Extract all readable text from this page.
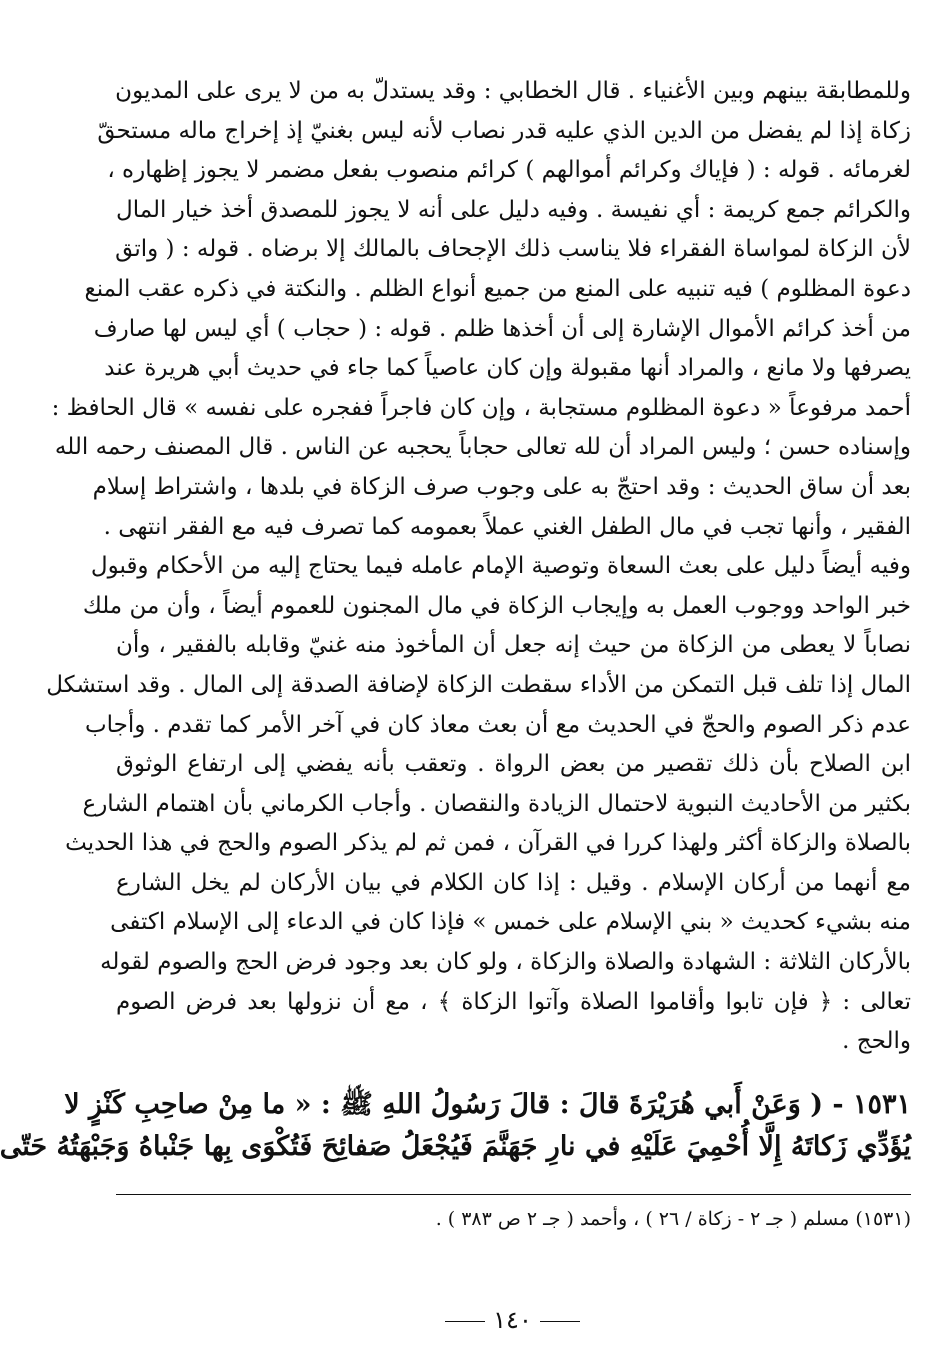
وللمطابقة بينهم وبين الأغنياء . قال الخطابي : وقد يستدلّ به من لا يرى على المديون
زكاة إذا لم يفضل من الدين الذي عليه قدر نصاب لأنه ليس بغنيّ إذ إخراج ماله مستحقّ
لغرمائه . قوله : ( فإياك وكرائم أموالهم ) كرائم منصوب بفعل مضمر لا يجوز إظهاره ،
والكرائم جمع كريمة : أي نفيسة . وفيه دليل على أنه لا يجوز للمصدق أخذ خيار المال
لأن الزكاة لمواساة الفقراء فلا يناسب ذلك الإجحاف بالمالك إلا برضاه . قوله : ( واتق
دعوة المظلوم ) فيه تنبيه على المنع من جميع أنواع الظلم . والنكتة في ذكره عقب المنع
من أخذ كرائم الأموال الإشارة إلى أن أخذها ظلم . قوله : ( حجاب ) أي ليس لها صارف
يصرفها ولا مانع ، والمراد أنها مقبولة وإن كان عاصياً كما جاء في حديث أبي هريرة عند
أحمد مرفوعاً « دعوة المظلوم مستجابة ، وإن كان فاجراً ففجره على نفسه » قال الحافظ :
وإسناده حسن ؛ وليس المراد أن لله تعالى حجاباً يحجبه عن الناس . قال المصنف رحمه الله
بعد أن ساق الحديث : وقد احتجّ به على وجوب صرف الزكاة في بلدها ، واشتراط إسلام
الفقير ، وأنها تجب في مال الطفل الغني عملاً بعمومه كما تصرف فيه مع الفقر انتهى .
وفيه أيضاً دليل على بعث السعاة وتوصية الإمام عامله فيما يحتاج إليه من الأحكام وقبول
خبر الواحد ووجوب العمل به وإيجاب الزكاة في مال المجنون للعموم أيضاً ، وأن من ملك
نصاباً لا يعطى من الزكاة من حيث إنه جعل أن المأخوذ منه غنيّ وقابله بالفقير ، وأن
المال إذا تلف قبل التمكن من الأداء سقطت الزكاة لإضافة الصدقة إلى المال . وقد استشكل
عدم ذكر الصوم والحجّ في الحديث مع أن بعث معاذ كان في آخر الأمر كما تقدم . وأجاب
ابن الصلاح بأن ذلك تقصير من بعض الرواة . وتعقب بأنه يفضي إلى ارتفاع الوثوق
بكثير من الأحاديث النبوية لاحتمال الزيادة والنقصان . وأجاب الكرماني بأن اهتمام الشارع
بالصلاة والزكاة أكثر ولهذا كررا في القرآن ، فمن ثم لم يذكر الصوم والحج في هذا الحديث
مع أنهما من أركان الإسلام . وقيل : إذا كان الكلام في بيان الأركان لم يخل الشارع
منه بشيء كحديث « بني الإسلام على خمس » فإذا كان في الدعاء إلى الإسلام اكتفى
بالأركان الثلاثة : الشهادة والصلاة والزكاة ، ولو كان بعد وجود فرض الحج والصوم لقوله
تعالى : ﴿ فإن تابوا وأقاموا الصلاة وآتوا الزكاة ﴾ ، مع أن نزولها بعد فرض الصوم
والحج .
١٥٣١ - ( وَعَنْ أَبي هُرَيْرَةَ قالَ : قالَ رَسُولُ اللهِ ﷺ : « ما مِنْ صاحِبِ كَنْزٍ لا
يُؤَدِّي زَكاتَهُ إِلَّا أُحْمِيَ عَلَيْهِ في نارِ جَهَنَّمَ فَيُجْعَلُ صَفائِحَ فَتُكْوَى بِها جَنْباهُ وَجَبْهَتُهُ حَتّى
(١٥٣١) مسلم ( جـ ٢ - زكاة / ٢٦ ) ، وأحمد ( جـ ٢ ص ٣٨٣ ) .
١٤٠
